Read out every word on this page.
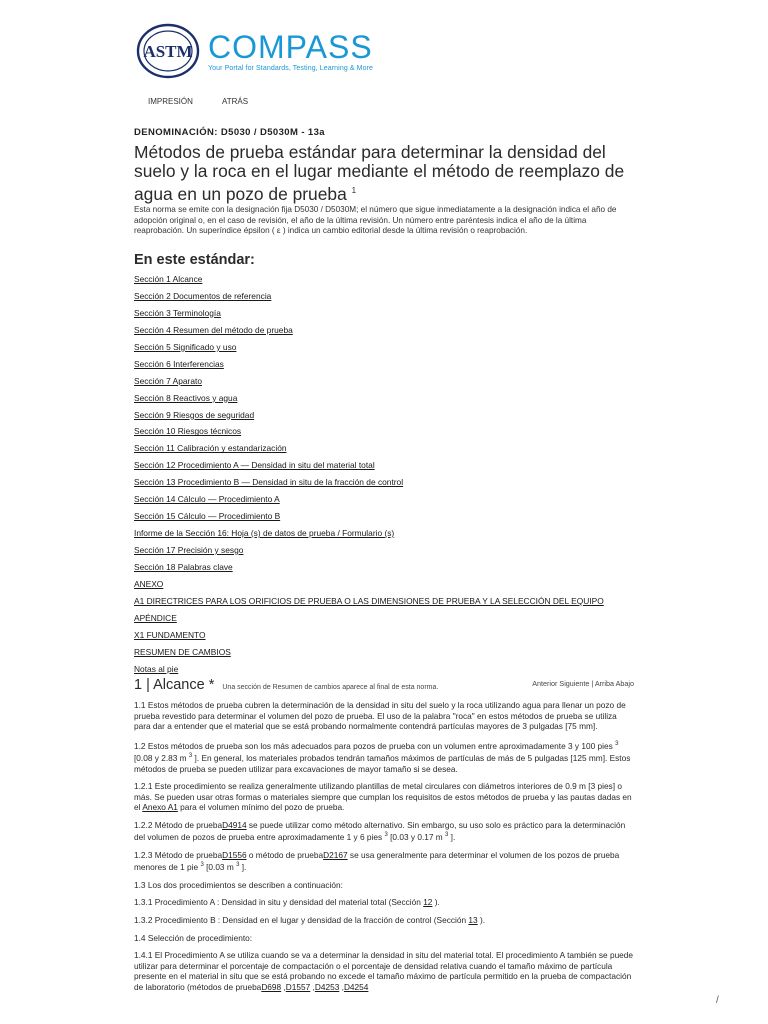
ASTM COMPASS
Your Portal for Standards, Testing, Learning & More
IMPRESIÓN	ATRÁS
DENOMINACIÓN: D5030 / D5030M - 13a
Métodos de prueba estándar para determinar la densidad del suelo y la roca en el lugar mediante el método de reemplazo de agua en un pozo de prueba $^1$

Esta norma se emite con la designación fija D5030 / D5030M; el número que sigue inmediatamente a la designación indica el año de adopción original o, en el caso de revisión, el año de la última revisión. Un número entre paréntesis indica el año de la última reaprobación. Un superíndice épsilon ( ε ) indica un cambio editorial desde la última revisión o reaprobación.

En este estándar:
Sección 1 Alcance
Sección 2 Documentos de referencia
Sección 3 Terminología
Sección 4 Resumen del método de prueba
Sección 5 Significado y uso
Sección 6 Interferencias
Sección 7 Aparato
Sección 8 Reactivos y agua
Sección 9 Riesgos de seguridad
Sección 10 Riesgos técnicos
Sección 11 Calibración y estandarización
Sección 12 Procedimiento A — Densidad in situ del material total
Sección 13 Procedimiento B — Densidad in situ de la fracción de control
Sección 14 Cálculo — Procedimiento A
Sección 15 Cálculo — Procedimiento B
Informe de la Sección 16: Hoja (s) de datos de prueba / Formulario (s)
Sección 17 Precisión y sesgo
Sección 18 Palabras clave
ANEXO
A1 DIRECTRICES PARA LOS ORIFICIOS DE PRUEBA O LAS DIMENSIONES DE PRUEBA Y LA SELECCIÓN DEL EQUIPO
APÉNDICE
X1 FUNDAMENTO
RESUMEN DE CAMBIOS
Notas al pie
1 | Alcance * Una sección de Resumen de cambios aparece al final de esta norma.	Anterior Siguiente | Arriba Abajo

1.1 Estos métodos de prueba cubren la determinación de la densidad in situ del suelo y la roca utilizando agua para llenar un pozo de prueba revestido para determinar el volumen del pozo de prueba. El uso de la palabra "roca" en estos métodos de prueba se utiliza para dar a entender que el material que se está probando normalmente contendrá partículas mayores de 3 pulgadas [75 mm].

1.2 Estos métodos de prueba son los más adecuados para pozos de prueba con un volumen entre aproximadamente 3 y 100 pies $^3$ [0.08 y 2.83 m $^3$ ]. En general, los materiales probados tendrán tamaños máximos de partículas de más de 5 pulgadas [125 mm]. Estos métodos de prueba se pueden utilizar para excavaciones de mayor tamaño si se desea.

1.2.1 Este procedimiento se realiza generalmente utilizando plantillas de metal circulares con diámetros interiores de 0.9 m [3 pies] o más. Se pueden usar otras formas o materiales siempre que cumplan los requisitos de estos métodos de prueba y las pautas dadas en el Anexo A1 para el volumen mínimo del pozo de prueba.

1.2.2 Método de pruebaD4914 se puede utilizar como método alternativo. Sin embargo, su uso solo es práctico para la determinación del volumen de pozos de prueba entre aproximadamente 1 y 6 pies $^3$ [0.03 y 0.17 m $^3$ ].

1.2.3 Método de pruebaD1556 o método de pruebaD2167 se usa generalmente para determinar el volumen de los pozos de prueba menores de 1 pie $^3$ [0.03 m $^3$ ].

1.3 Los dos procedimientos se describen a continuación:

1.3.1 Procedimiento A : Densidad in situ y densidad del material total (Sección 12 ).

1.3.2 Procedimiento B : Densidad en el lugar y densidad de la fracción de control (Sección 13 ).

1.4 Selección de procedimiento:

1.4.1 El Procedimiento A se utiliza cuando se va a determinar la densidad in situ del material total. El procedimiento A también se puede utilizar para determinar el porcentaje de compactación o el porcentaje de densidad relativa cuando el tamaño máximo de partícula presente en el material in situ que se está probando no excede el tamaño máximo de partícula permitido en la prueba de compactación de laboratorio (métodos de pruebaD698 ,D1557 ,D4253 ,D4254

/
